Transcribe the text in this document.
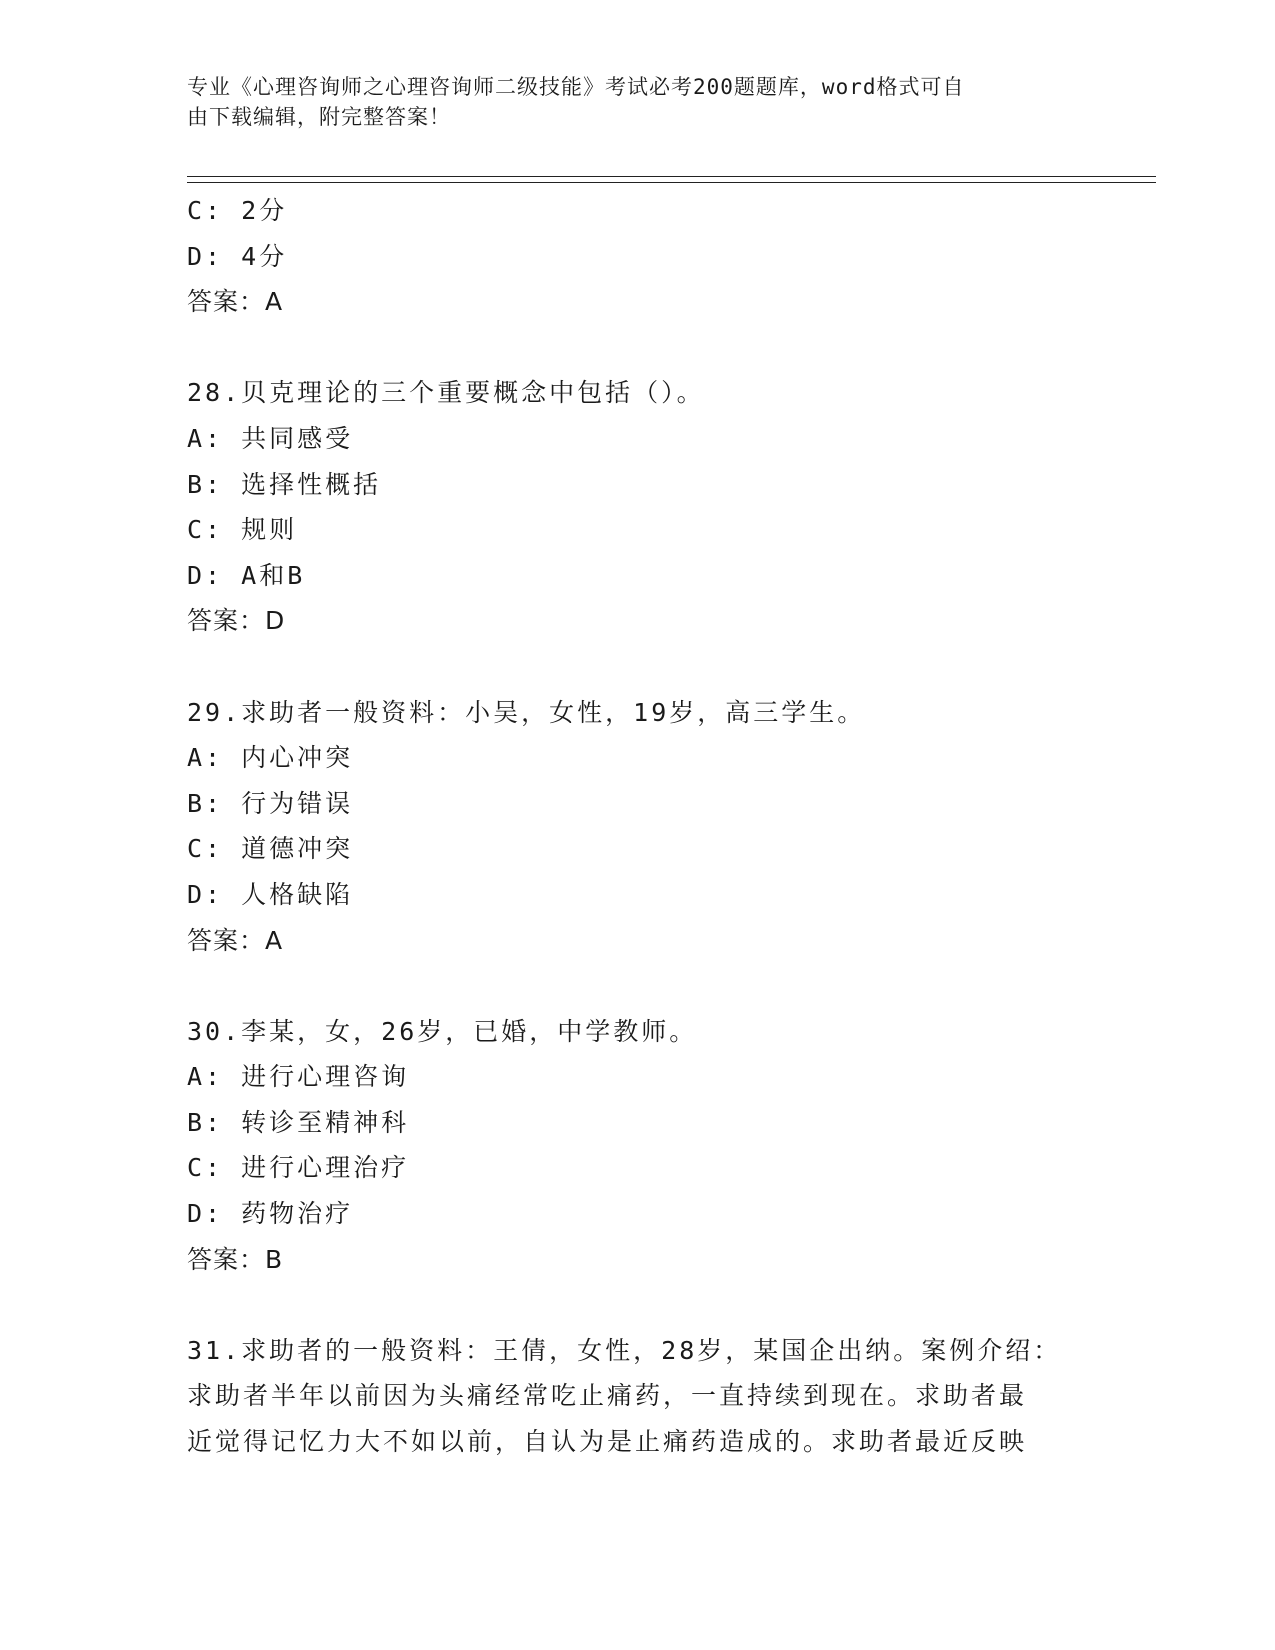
专业《心理咨询师之心理咨询师二级技能》考试必考200题题库，word格式可自
由下载编辑，附完整答案！
C: 2分
D: 4分
答案：A
28.贝克理论的三个重要概念中包括（）。
A: 共同感受
B: 选择性概括
C: 规则
D: A和B
答案：D
29.求助者一般资料：小吴，女性，19岁，高三学生。
A: 内心冲突
B: 行为错误
C: 道德冲突
D: 人格缺陷
答案：A
30.李某，女，26岁，已婚，中学教师。
A: 进行心理咨询
B: 转诊至精神科
C: 进行心理治疗
D: 药物治疗
答案：B
31.求助者的一般资料：王倩，女性，28岁，某国企出纳。案例介绍：
求助者半年以前因为头痛经常吃止痛药，一直持续到现在。求助者最
近觉得记忆力大不如以前，自认为是止痛药造成的。求助者最近反映
